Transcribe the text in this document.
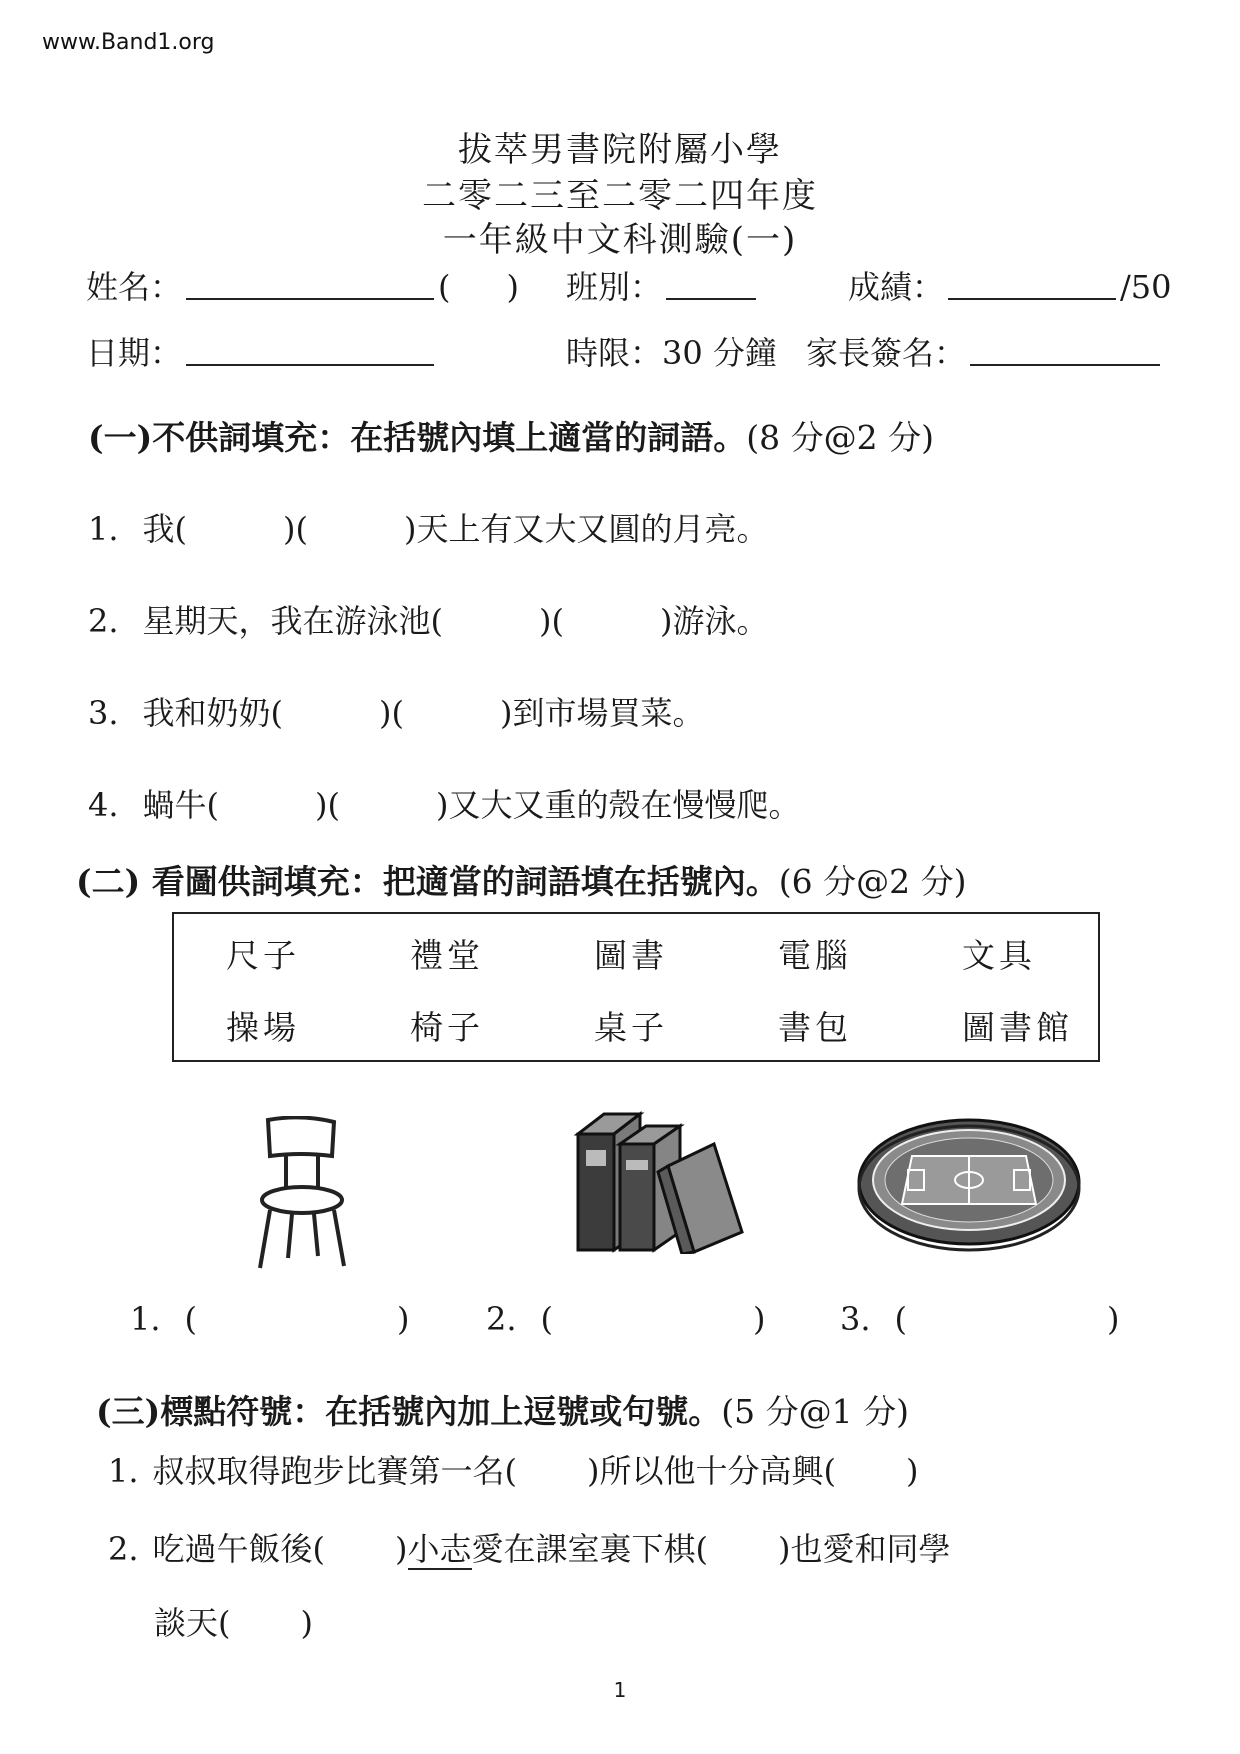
www.Band1.org
拔萃男書院附屬小學
二零二三至二零二四年度
一年級中文科測驗(一)
姓名：	( ) 班別：	成績：	/50
日期：	時限：30 分鐘 家長簽名：
(一)不供詞填充：在括號內填上適當的詞語。(8 分@2 分)
1. 我(	)(	)天上有又大又圓的月亮。
2. 星期天，我在游泳池(	)(	)游泳。
3. 我和奶奶(	)(	)到市場買菜。
4. 蝸牛(	)(	)又大又重的殼在慢慢爬。
(二) 看圖供詞填充：把適當的詞語填在括號內。(6 分@2 分)
尺子	禮堂	圖書	電腦	文具
操場	椅子	桌子	書包	圖書館
1. (	) 2. (	) 3. (	)
(三)標點符號：在括號內加上逗號或句號。(5 分@1 分)
1. 叔叔取得跑步比賽第一名( )所以他十分高興( )
2. 吃過午飯後( )小志愛在課室裏下棋( )也愛和同學
談天( )
1
